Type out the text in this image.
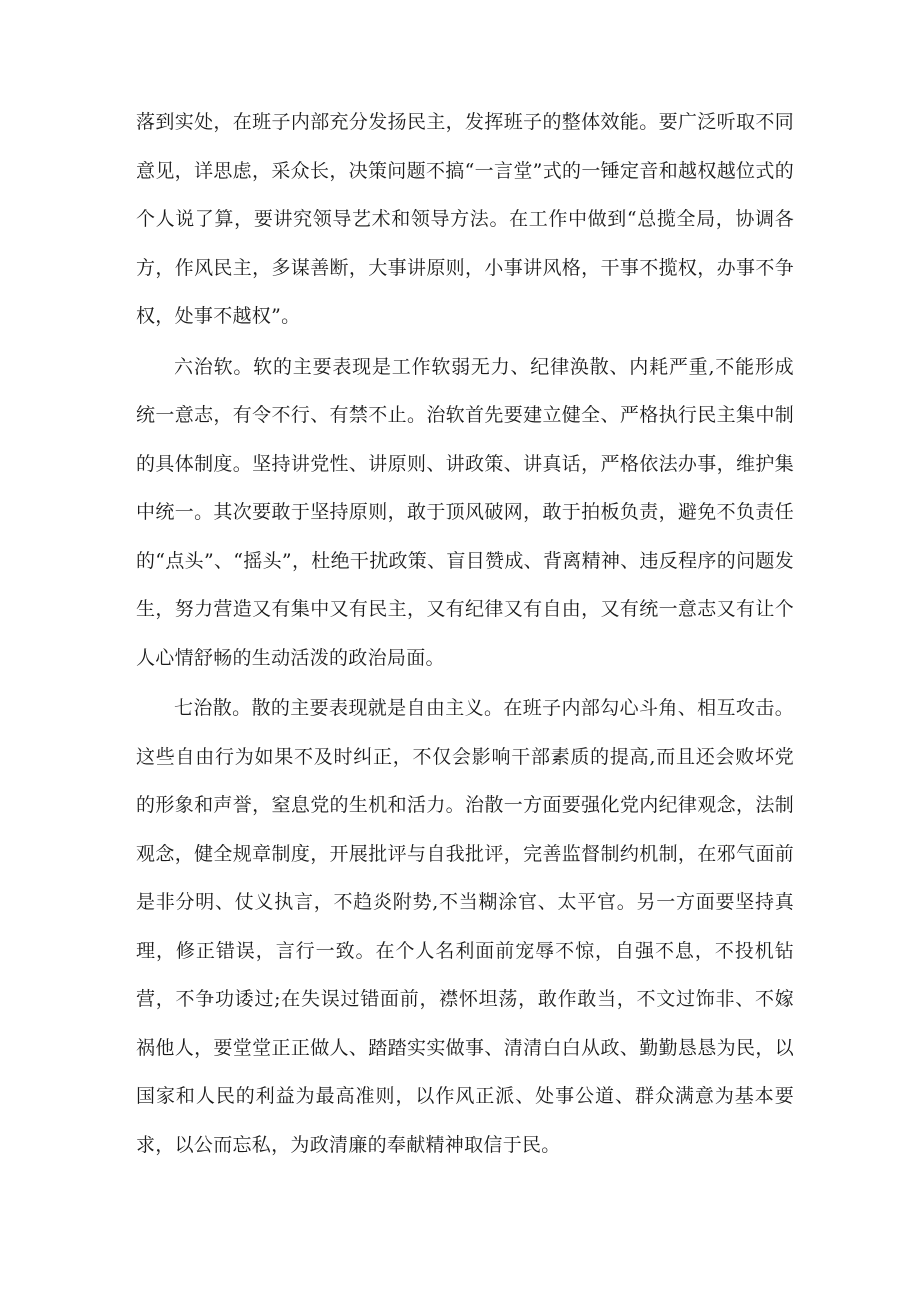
落到实处，在班子内部充分发扬民主，发挥班子的整体效能。要广泛听取不同意见，详思虑，采众长，决策问题不搞“一言堂”式的一锤定音和越权越位式的个人说了算，要讲究领导艺术和领导方法。在工作中做到“总揽全局，协调各方，作风民主，多谋善断，大事讲原则，小事讲风格，干事不揽权，办事不争权，处事不越权”。

六治软。软的主要表现是工作软弱无力、纪律涣散、内耗严重,不能形成统一意志，有令不行、有禁不止。治软首先要建立健全、严格执行民主集中制的具体制度。坚持讲党性、讲原则、讲政策、讲真话，严格依法办事，维护集中统一。其次要敢于坚持原则，敢于顶风破网，敢于拍板负责，避免不负责任的“点头”、“摇头”，杜绝干扰政策、盲目赞成、背离精神、违反程序的问题发生，努力营造又有集中又有民主，又有纪律又有自由，又有统一意志又有让个人心情舒畅的生动活泼的政治局面。

七治散。散的主要表现就是自由主义。在班子内部勾心斗角、相互攻击。这些自由行为如果不及时纠正，不仅会影响干部素质的提高,而且还会败坏党的形象和声誉，窒息党的生机和活力。治散一方面要强化党内纪律观念，法制观念，健全规章制度，开展批评与自我批评，完善监督制约机制，在邪气面前是非分明、仗义执言，不趋炎附势,不当糊涂官、太平官。另一方面要坚持真理，修正错误，言行一致。在个人名利面前宠辱不惊，自强不息，不投机钻营，不争功诿过;在失误过错面前，襟怀坦荡，敢作敢当，不文过饰非、不嫁祸他人，要堂堂正正做人、踏踏实实做事、清清白白从政、勤勤恳恳为民，以国家和人民的利益为最高准则，以作风正派、处事公道、群众满意为基本要求，以公而忘私，为政清廉的奉献精神取信于民。
